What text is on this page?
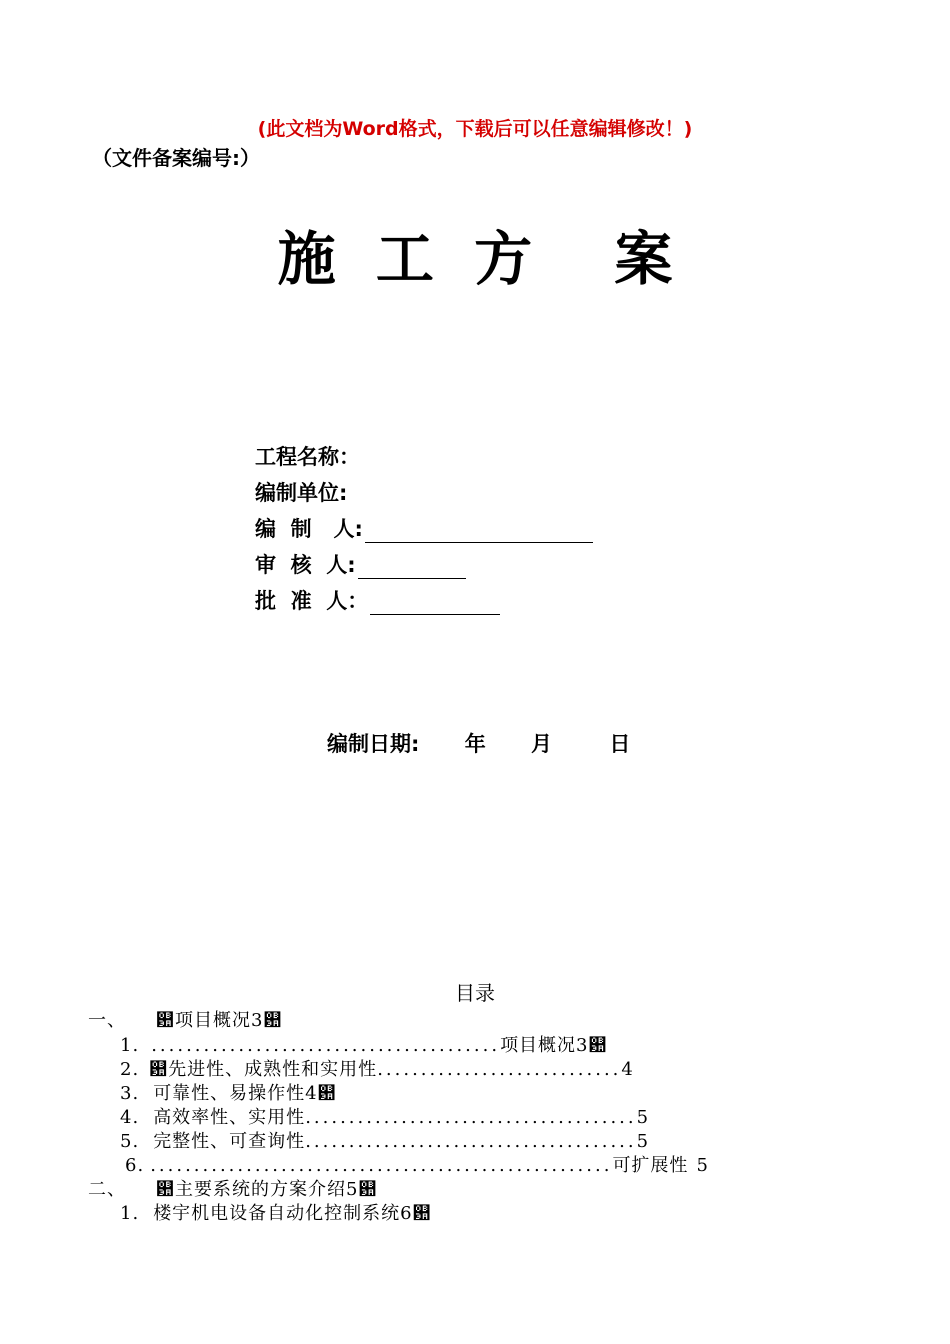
(此文档为Word格式，下载后可以任意编辑修改！)
（文件备案编号:）
施 工 方 案
工程名称：
编制单位:
编  制   人:
审  核  人:
批  准  人：
编制日期: 年 月	日
目录
一、 ଺项目概况3଺
1. ........................................项目概况3଺
2. ଺先进性、成熟性和实用性............................4
3. 可靠性、易操作性4଺
4. 高效率性、实用性......................................5
5. 完整性、可查询性......................................5
6. .....................................................可扩展性 5
二、 ଺主要系统的方案介绍5଺
1. 楼宇机电设备自动化控制系统6଺
